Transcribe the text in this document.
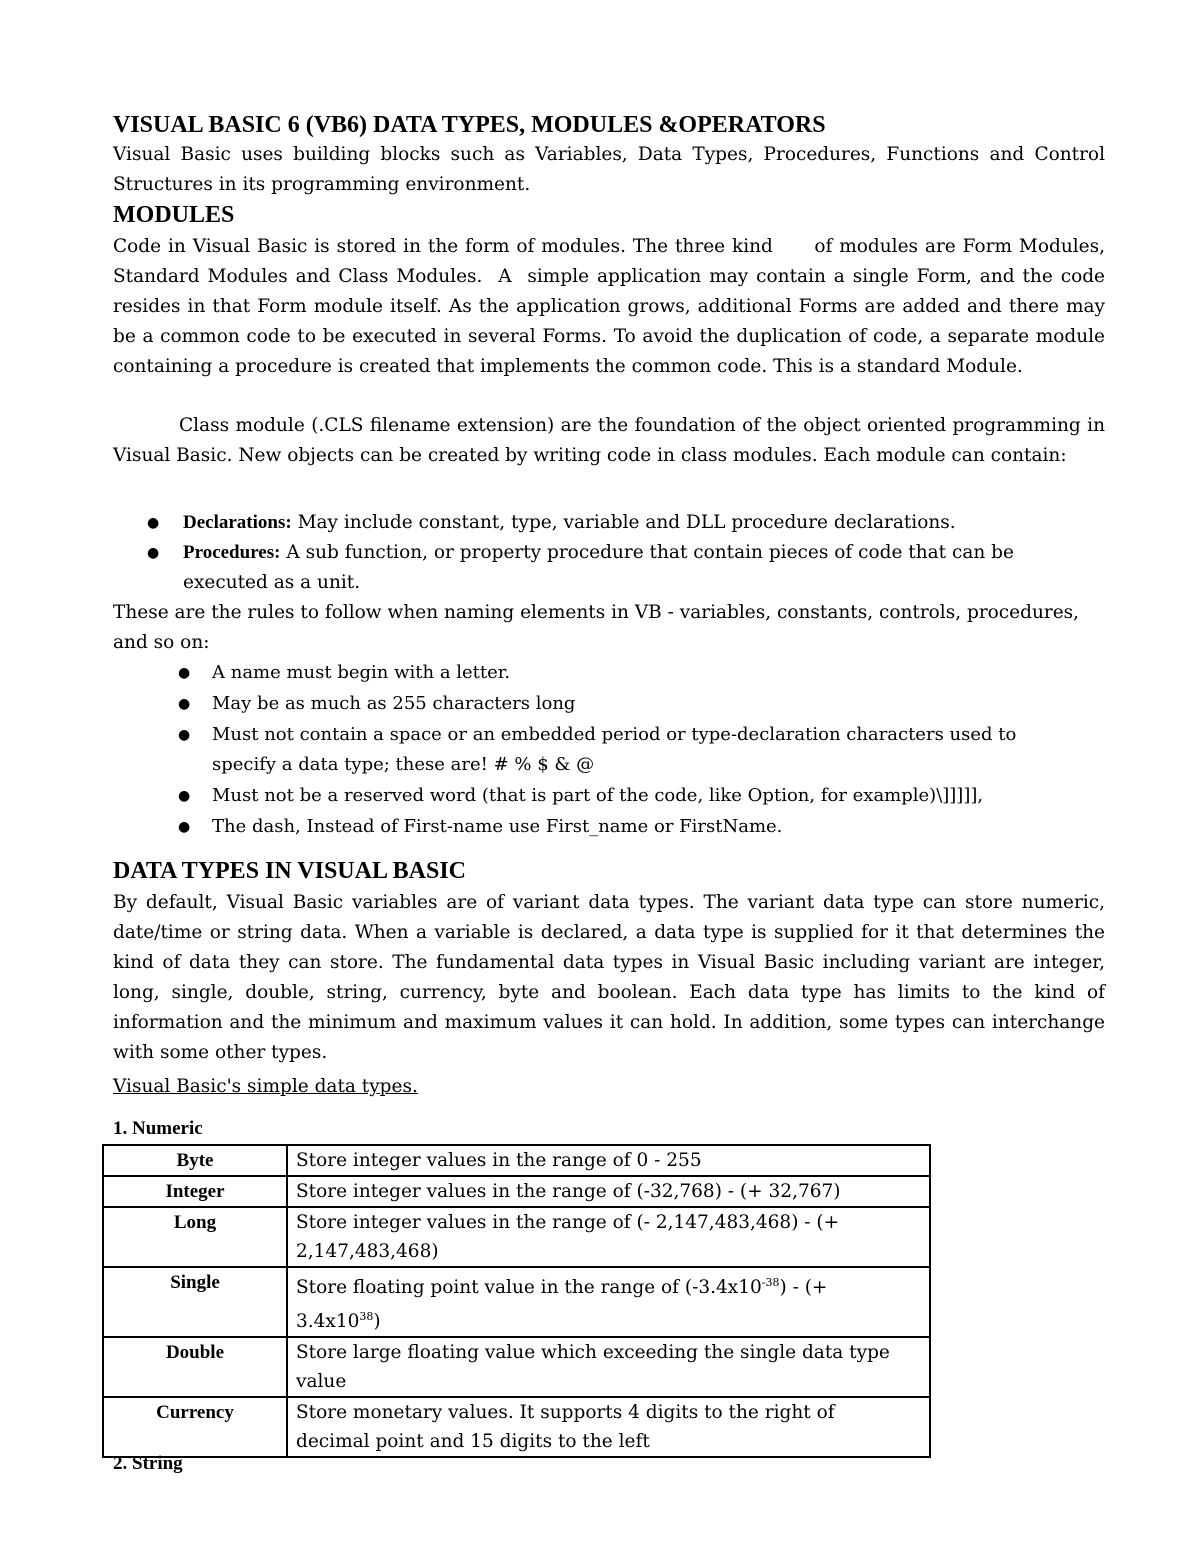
VISUAL BASIC 6 (VB6) DATA TYPES, MODULES &OPERATORS
Visual Basic uses building blocks such as Variables, Data Types, Procedures, Functions and Control Structures in its programming environment.
MODULES
Code in Visual Basic is stored in the form of modules. The three kind      of modules are Form Modules, Standard Modules and Class Modules.  A  simple application may contain a single Form, and the code resides in that Form module itself. As the application grows, additional Forms are added and there may be a common code to be executed in several Forms. To avoid the duplication of code, a separate module containing a procedure is created that implements the common code. This is a standard Module.
Class module (.CLS filename extension) are the foundation of the object oriented programming in Visual Basic. New objects can be created by writing code in class modules. Each module can contain:
● Declarations: May include constant, type, variable and DLL procedure declarations.
● Procedures: A sub function, or property procedure that contain pieces of code that can be executed as a unit.
These are the rules to follow when naming elements in VB - variables, constants, controls, procedures, and so on:
● A name must begin with a letter.
● May be as much as 255 characters long
● Must not contain a space or an embedded period or type-declaration characters used to specify a data type; these are! # % $ & @
● Must not be a reserved word (that is part of the code, like Option, for example)\]]]]],
● The dash, Instead of First-name use First_name or FirstName.
DATA TYPES IN VISUAL BASIC
By default, Visual Basic variables are of variant data types. The variant data type can store numeric, date/time or string data. When a variable is declared, a data type is supplied for it that determines the kind of data they can store. The fundamental data types in Visual Basic including variant are integer, long, single, double, string, currency, byte and boolean. Each data type has limits to the kind of information and the minimum and maximum values it can hold. In addition, some types can interchange with some other types.
Visual Basic's simple data types.
1. Numeric
Byte	Store integer values in the range of 0 - 255
Integer	Store integer values in the range of (-32,768) - (+ 32,767)
Long	Store integer values in the range of (- 2,147,483,468) - (+ 2,147,483,468)
Single	Store floating point value in the range of $(-3.4x10^{-38})$ - (+ $3.4x10^{38}$)
Double	Store large floating value which exceeding the single data type value
Currency	Store monetary values. It supports 4 digits to the right of decimal point and 15 digits to the left
2. String
